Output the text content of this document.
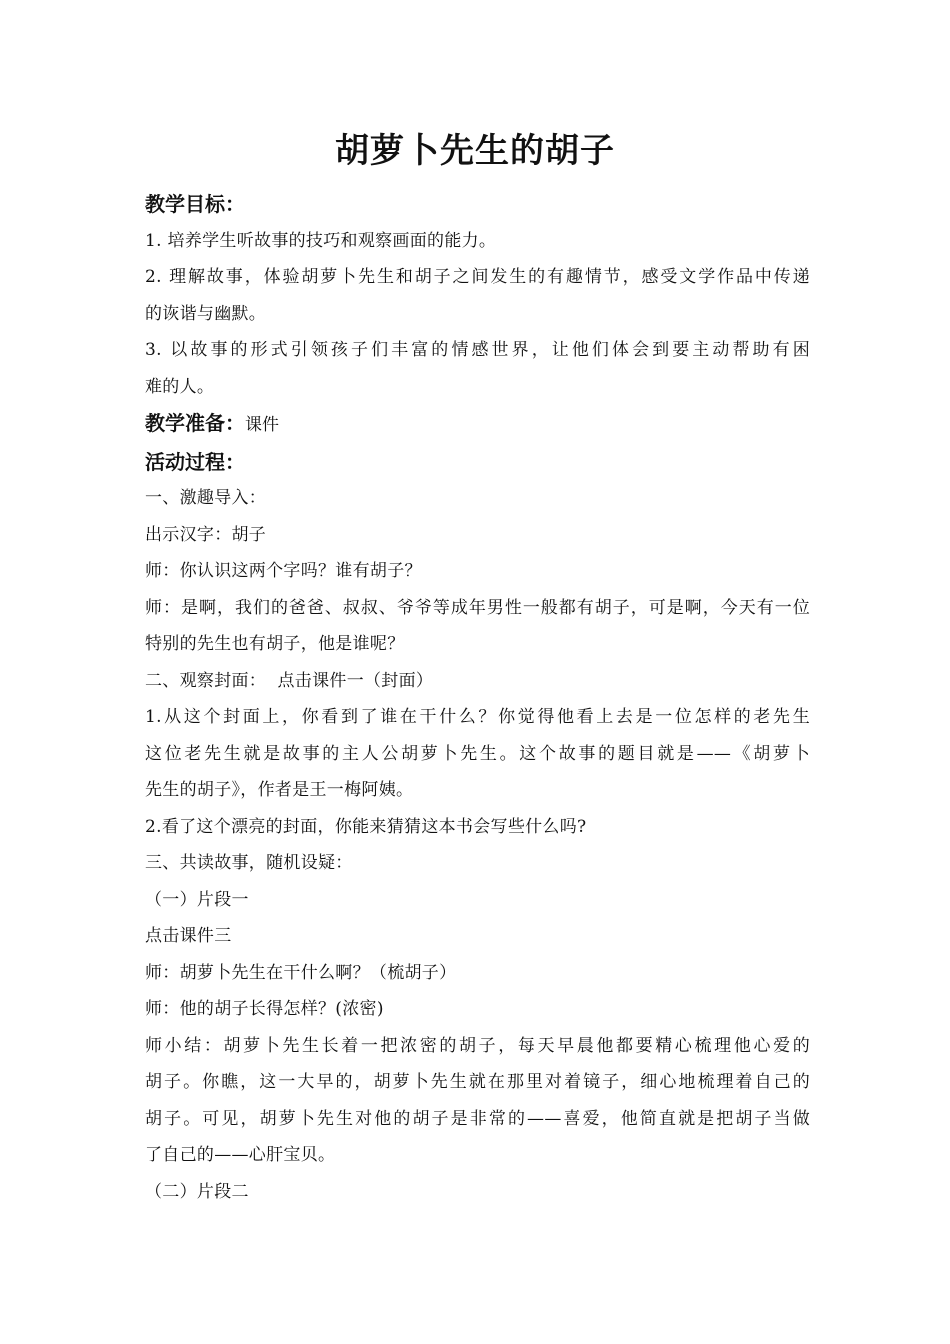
胡萝卜先生的胡子
教学目标：
1. 培养学生听故事的技巧和观察画面的能力。
2. 理解故事，体验胡萝卜先生和胡子之间发生的有趣情节，感受文学作品中传递
的诙谐与幽默。
3. 以故事的形式引领孩子们丰富的情感世界，让他们体会到要主动帮助有困
难的人。
教学准备：课件
活动过程：
一、激趣导入：
出示汉字：胡子
师：你认识这两个字吗？谁有胡子？
师：是啊，我们的爸爸、叔叔、爷爷等成年男性一般都有胡子，可是啊，今天有一位
特别的先生也有胡子，他是谁呢？
二、观察封面：  点击课件一（封面）
1.从这个封面上，你看到了谁在干什么？你觉得他看上去是一位怎样的老先生
这位老先生就是故事的主人公胡萝卜先生。这个故事的题目就是——《胡萝卜
先生的胡子》，作者是王一梅阿姨。
2.看了这个漂亮的封面，你能来猜猜这本书会写些什么吗?
三、共读故事，随机设疑：
（一）片段一
点击课件三
师：胡萝卜先生在干什么啊？（梳胡子）
师：他的胡子长得怎样？(浓密)
师小结：胡萝卜先生长着一把浓密的胡子，每天早晨他都要精心梳理他心爱的
胡子。你瞧，这一大早的，胡萝卜先生就在那里对着镜子，细心地梳理着自己的
胡子。可见，胡萝卜先生对他的胡子是非常的——喜爱，他简直就是把胡子当做
了自己的——心肝宝贝。
（二）片段二
